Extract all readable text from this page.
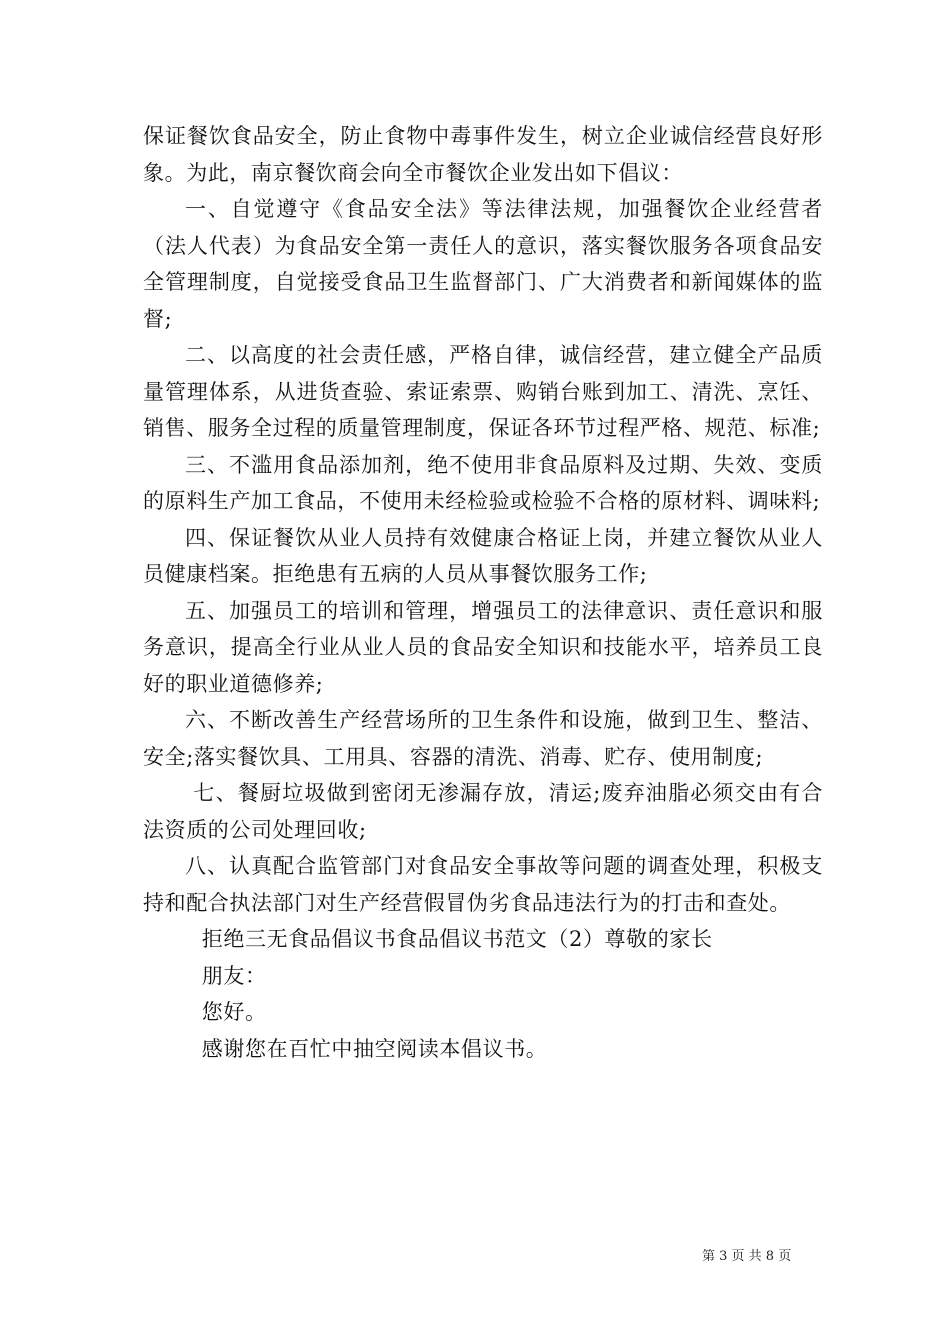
保证餐饮食品安全，防止食物中毒事件发生，树立企业诚信经营良好形象。为此，南京餐饮商会向全市餐饮企业发出如下倡议：

一、自觉遵守《食品安全法》等法律法规，加强餐饮企业经营者（法人代表）为食品安全第一责任人的意识，落实餐饮服务各项食品安全管理制度，自觉接受食品卫生监督部门、广大消费者和新闻媒体的监督;

二、以高度的社会责任感，严格自律，诚信经营，建立健全产品质量管理体系，从进货查验、索证索票、购销台账到加工、清洗、烹饪、销售、服务全过程的质量管理制度，保证各环节过程严格、规范、标准;

三、不滥用食品添加剂，绝不使用非食品原料及过期、失效、变质的原料生产加工食品，不使用未经检验或检验不合格的原材料、调味料;

四、保证餐饮从业人员持有效健康合格证上岗，并建立餐饮从业人员健康档案。拒绝患有五病的人员从事餐饮服务工作;

五、加强员工的培训和管理，增强员工的法律意识、责任意识和服务意识，提高全行业从业人员的食品安全知识和技能水平，培养员工良好的职业道德修养;

六、不断改善生产经营场所的卫生条件和设施，做到卫生、整洁、安全;落实餐饮具、工用具、容器的清洗、消毒、贮存、使用制度;

七、餐厨垃圾做到密闭无渗漏存放，清运;废弃油脂必须交由有合法资质的公司处理回收;

八、认真配合监管部门对食品安全事故等问题的调查处理，积极支持和配合执法部门对生产经营假冒伪劣食品违法行为的打击和查处。

拒绝三无食品倡议书食品倡议书范文（2）尊敬的家长

朋友：

您好。

感谢您在百忙中抽空阅读本倡议书。

第 3 页 共 8 页
